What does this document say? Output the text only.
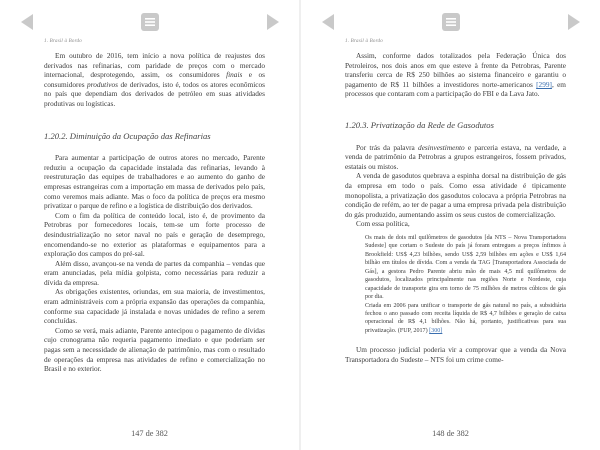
1. Brasil à Bordo

Em outubro de 2016, tem início a nova política de reajustes dos derivados nas refinarias, com paridade de preços com o mercado internacional, desprotegendo, assim, os consumidores finais e os consumidores produtivos de derivados, isto é, todos os atores econômicos no país que dependiam dos derivados de petróleo em suas atividades produtivas ou logísticas.

1.20.2. Diminuição da Ocupação das Refinarias

Para aumentar a participação de outros atores no mercado, Parente reduziu a ocupação da capacidade instalada das refinarias, levando à reestruturação das equipes de trabalhadores e ao aumento do ganho de empresas estrangeiras com a importação em massa de derivados pelo país, como veremos mais adiante. Mas o foco da política de preços era mesmo privatizar o parque de refino e a logística de distribuição dos derivados.

Com o fim da política de conteúdo local, isto é, de provimento da Petrobras por fornecedores locais, tem-se um forte processo de desindustrialização no setor naval no país e geração de desemprego, encomendando-se no exterior as plataformas e equipamentos para a exploração dos campos do pré-sal.

Além disso, avançou-se na venda de partes da companhia – vendas que eram anunciadas, pela mídia golpista, como necessárias para reduzir a dívida da empresa.

As obrigações existentes, oriundas, em sua maioria, de investimentos, eram administráveis com a própria expansão das operações da companhia, conforme sua capacidade já instalada e novas unidades de refino a serem concluídas.

Como se verá, mais adiante, Parente antecipou o pagamento de dívidas cujo cronograma não requeria pagamento imediato e que poderiam ser pagas sem a necessidade de alienação de patrimônio, mas com o resultado de operações da empresa nas atividades de refino e comercialização no Brasil e no exterior.

147 de 382
1. Brasil à Bordo

Assim, conforme dados totalizados pela Federação Única dos Petroleiros, nos dois anos em que esteve à frente da Petrobras, Parente transferiu cerca de R$ 250 bilhões ao sistema financeiro e garantiu o pagamento de R$ 11 bilhões a investidores norte-americanos [299], em processos que contaram com a participação do FBI e da Lava Jato.

1.20.3. Privatização da Rede de Gasodutos

Por trás da palavra desinvestimento e parceria estava, na verdade, a venda de patrimônio da Petrobras a grupos estrangeiros, fossem privados, estatais ou mistos.

A venda de gasodutos quebrava a espinha dorsal na distribuição de gás da empresa em todo o país. Como essa atividade é tipicamente monopolista, a privatização dos gasodutos colocava a própria Petrobras na condição de refém, ao ter de pagar a uma empresa privada pela distribuição do gás produzido, aumentando assim os seus custos de comercialização.

Com essa política,

Os mais de dois mil quilômetros de gasodutos [da NTS – Nova Transportadora Sudeste] que cortam o Sudeste do país já foram entregues a preços ínfimos à Brookfield: US$ 4,23 bilhões, sendo US$ 2,59 bilhões em ações e US$ 1,64 bilhão em títulos de dívida. Com a venda da TAG [Transportadora Associada de Gás], a gestora Pedro Parente abriu mão de mais 4,5 mil quilômetros de gasodutos, localizados principalmente nas regiões Norte e Nordeste, cuja capacidade de transporte gira em torno de 75 milhões de metros cúbicos de gás por dia.

Criada em 2006 para unificar o transporte de gás natural no país, a subsidiária fechou o ano passado com receita líquida de R$ 4,7 bilhões e geração de caixa operacional de R$ 4,1 bilhões. Não há, portanto, justificativas para sua privatização. (FUP, 2017) [300]

Um processo judicial poderia vir a comprovar que a venda da Nova Transportadora do Sudeste – NTS foi um crime come-

148 de 382
